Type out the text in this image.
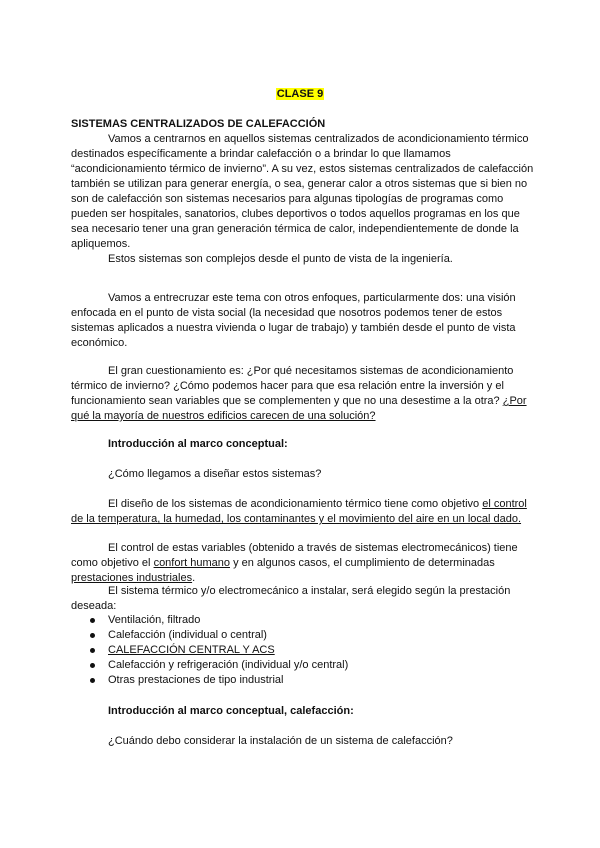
CLASE 9
SISTEMAS CENTRALIZADOS DE CALEFACCIÓN

Vamos a centrarnos en aquellos sistemas centralizados de acondicionamiento térmico destinados específicamente a brindar calefacción o a brindar lo que llamamos “acondicionamiento térmico de invierno”. A su vez, estos sistemas centralizados de calefacción también se utilizan para generar energía, o sea, generar calor a otros sistemas que si bien no son de calefacción son sistemas necesarios para algunas tipologías de programas como pueden ser hospitales, sanatorios, clubes deportivos o todos aquellos programas en los que sea necesario tener una gran generación térmica de calor, independientemente de donde la apliquemos.

Estos sistemas son complejos desde el punto de vista de la ingeniería.

Vamos a entrecruzar este tema con otros enfoques, particularmente dos: una visión enfocada en el punto de vista social (la necesidad que nosotros podemos tener de estos sistemas aplicados a nuestra vivienda o lugar de trabajo) y también desde el punto de vista económico.

El gran cuestionamiento es: ¿Por qué necesitamos sistemas de acondicionamiento térmico de invierno? ¿Cómo podemos hacer para que esa relación entre la inversión y el funcionamiento sean variables que se complementen y que no una desestime a la otra? ¿Por qué la mayoría de nuestros edificios carecen de una solución?

Introducción al marco conceptual:
¿Cómo llegamos a diseñar estos sistemas?

El diseño de los sistemas de acondicionamiento térmico tiene como objetivo el control de la temperatura, la humedad, los contaminantes y el movimiento del aire en un local dado.

El control de estas variables (obtenido a través de sistemas electromecánicos) tiene como objetivo el confort humano y en algunos casos, el cumplimiento de determinadas prestaciones industriales.

El sistema térmico y/o electromecánico a instalar, será elegido según la prestación deseada:

Ventilación, filtrado
Calefacción (individual o central)
CALEFACCIÓN CENTRAL Y ACS
Calefacción y refrigeración (individual y/o central)
Otras prestaciones de tipo industrial
Introducción al marco conceptual, calefacción:
¿Cuándo debo considerar la instalación de un sistema de calefacción?
